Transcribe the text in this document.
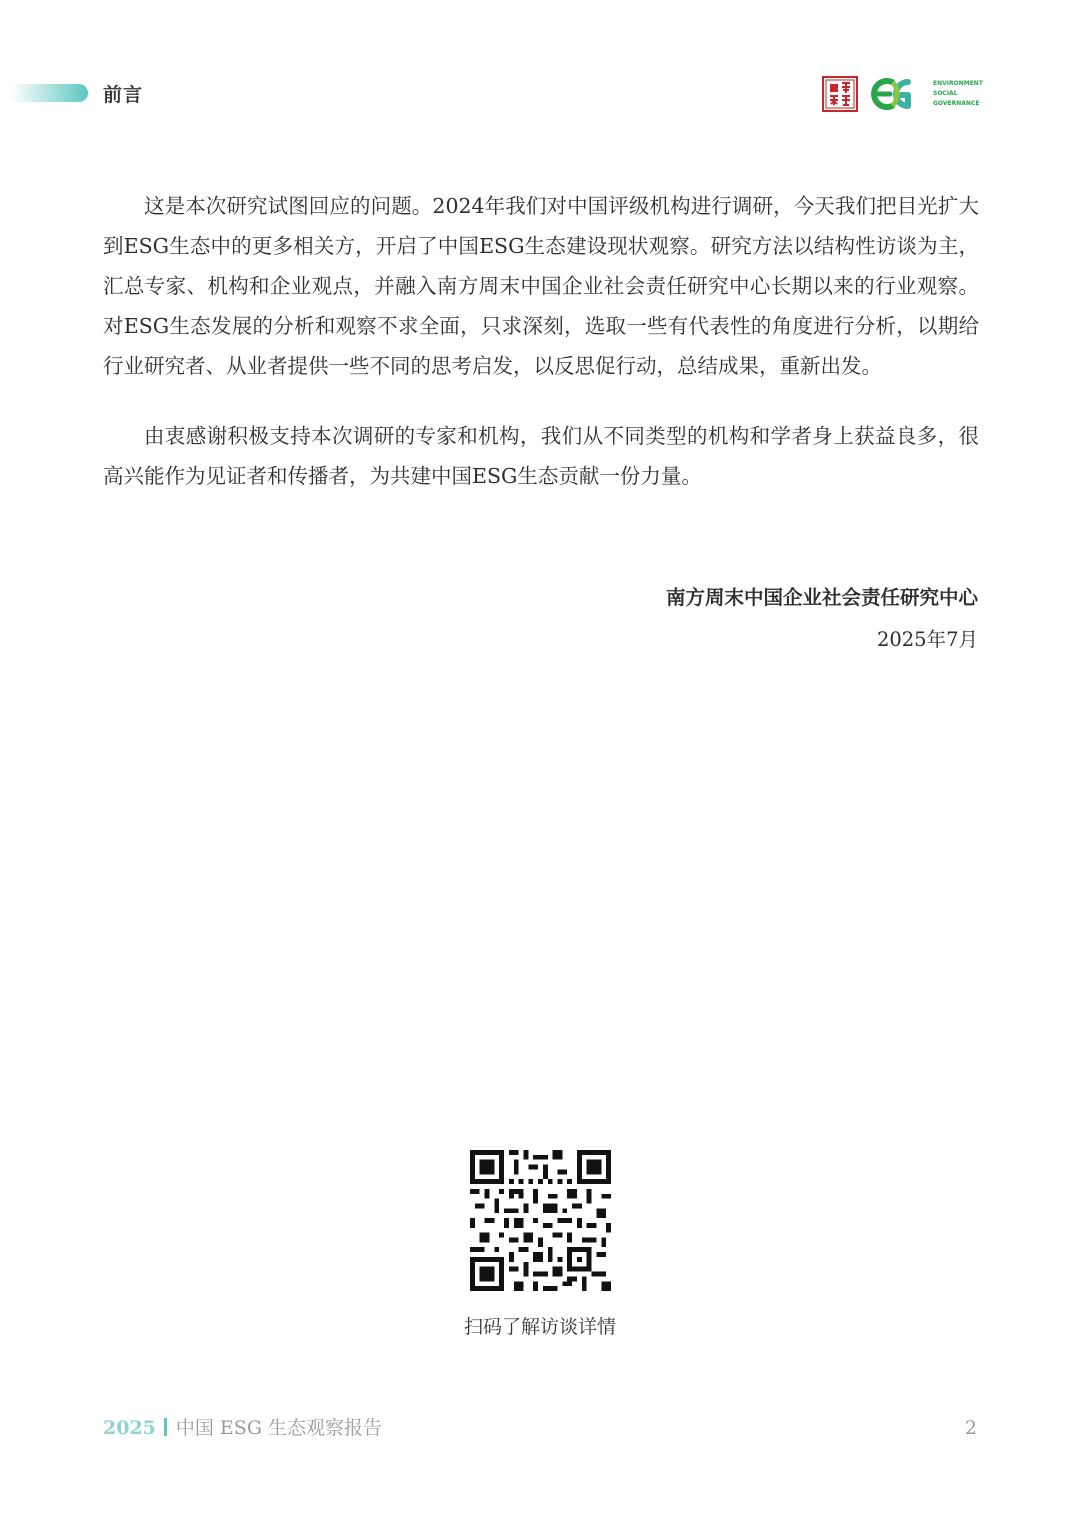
前言
ENVIRONMENT
SOCIAL
GOVERNANCE

这是本次研究试图回应的问题。2024年我们对中国评级机构进行调研，今天我们把目光扩大到ESG生态中的更多相关方，开启了中国ESG生态建设现状观察。研究方法以结构性访谈为主，汇总专家、机构和企业观点，并融入南方周末中国企业社会责任研究中心长期以来的行业观察。对ESG生态发展的分析和观察不求全面，只求深刻，选取一些有代表性的角度进行分析，以期给行业研究者、从业者提供一些不同的思考启发，以反思促行动，总结成果，重新出发。

由衷感谢积极支持本次调研的专家和机构，我们从不同类型的机构和学者身上获益良多，很高兴能作为见证者和传播者，为共建中国ESG生态贡献一份力量。

南方周末中国企业社会责任研究中心
2025年7月
扫码了解访谈详情
2025 中国 ESG 生态观察报告	2
